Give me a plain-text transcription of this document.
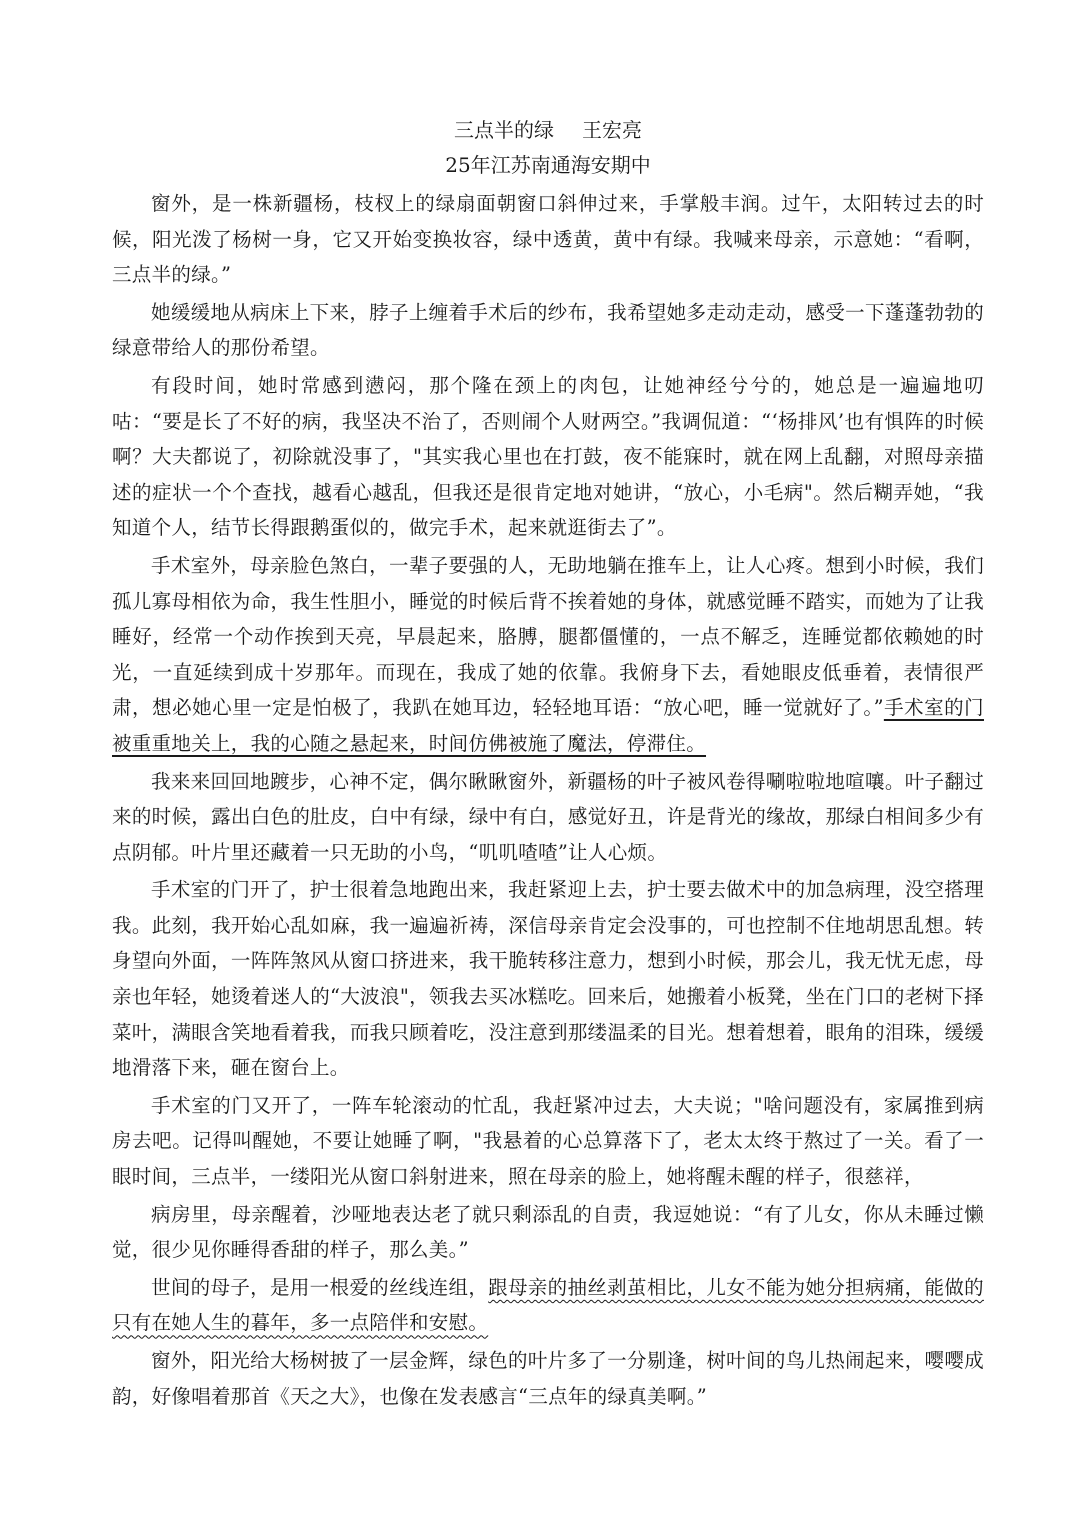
三点半的绿 王宏亮
25年江苏南通海安期中

窗外，是一株新疆杨，枝杈上的绿扇面朝窗口斜伸过来，手掌般丰润。过午，太阳转过去的时候，阳光泼了杨树一身，它又开始变换妆容，绿中透黄，黄中有绿。我喊来母亲，示意她：“看啊，三点半的绿。”

她缓缓地从病床上下来，脖子上缠着手术后的纱布，我希望她多走动走动，感受一下蓬蓬勃勃的绿意带给人的那份希望。

有段时间，她时常感到懑闷，那个隆在颈上的肉包，让她神经兮兮的，她总是一遍遍地叨咕：“要是长了不好的病，我坚决不治了，否则闹个人财两空。”我调侃道：“‘杨排风’也有惧阵的时候啊？大夫都说了，初除就没事了，"其实我心里也在打鼓，夜不能寐时，就在网上乱翻，对照母亲描述的症状一个个查找，越看心越乱，但我还是很肯定地对她讲，“放心，小毛病"。然后糊弄她，“我知道个人，结节长得跟鹅蛋似的，做完手术，起来就逛街去了”。

手术室外，母亲脸色煞白，一辈子要强的人，无助地躺在推车上，让人心疼。想到小时候，我们孤儿寡母相依为命，我生性胆小，睡觉的时候后背不挨着她的身体，就感觉睡不踏实，而她为了让我睡好，经常一个动作挨到天亮，早晨起来，胳膊，腿都僵懂的，一点不解乏，连睡觉都依赖她的时光，一直延续到成十岁那年。而现在，我成了她的依靠。我俯身下去，看她眼皮低垂着，表情很严肃，想必她心里一定是怕极了，我趴在她耳边，轻轻地耳语：“放心吧，睡一觉就好了。”手术室的门被重重地关上，我的心随之悬起来，时间仿佛被施了魔法，停滞住。

我来来回回地踱步，心神不定，偶尔瞅瞅窗外，新疆杨的叶子被风卷得唰啦啦地喧嚷。叶子翻过来的时候，露出白色的肚皮，白中有绿，绿中有白，感觉好丑，许是背光的缘故，那绿白相间多少有点阴郁。叶片里还藏着一只无助的小鸟，“叽叽喳喳”让人心烦。

手术室的门开了，护士很着急地跑出来，我赶紧迎上去，护士要去做术中的加急病理，没空搭理我。此刻，我开始心乱如麻，我一遍遍祈祷，深信母亲肯定会没事的，可也控制不住地胡思乱想。转身望向外面，一阵阵煞风从窗口挤进来，我干脆转移注意力，想到小时候，那会儿，我无忧无虑，母亲也年轻，她烫着迷人的“大波浪"，领我去买冰糕吃。回来后，她搬着小板凳，坐在门口的老树下择菜叶，满眼含笑地看着我，而我只顾着吃，没注意到那缕温柔的目光。想着想着，眼角的泪珠，缓缓地滑落下来，砸在窗台上。

手术室的门又开了，一阵车轮滚动的忙乱，我赶紧冲过去，大夫说；"啥问题没有，家属推到病房去吧。记得叫醒她，不要让她睡了啊，"我悬着的心总算落下了，老太太终于熬过了一关。看了一眼时间，三点半，一缕阳光从窗口斜射进来，照在母亲的脸上，她将醒未醒的样子，很慈祥，

病房里，母亲醒着，沙哑地表达老了就只剩添乱的自责，我逗她说：“有了儿女，你从未睡过懒觉，很少见你睡得香甜的样子，那么美。”

世间的母子，是用一根爱的丝线连组，跟母亲的抽丝剥茧相比，儿女不能为她分担病痛，能做的只有在她人生的暮年，多一点陪伴和安慰。

窗外，阳光给大杨树披了一层金辉，绿色的叶片多了一分剔逢，树叶间的鸟儿热闹起来，嘤嘤成韵，好像唱着那首《天之大》，也像在发表感言“三点年的绿真美啊。”
